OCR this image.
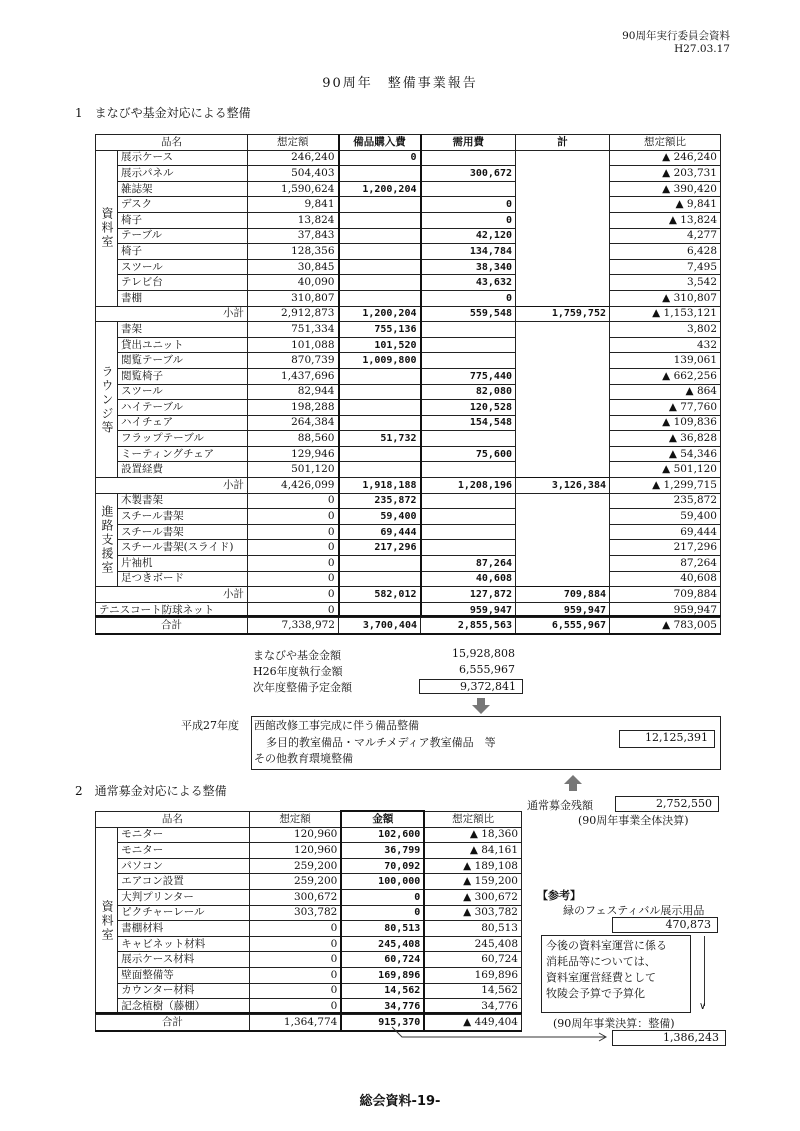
90周年実行委員会資料
H27.03.17
90周年　整備事業報告
1　まなびや基金対応による整備
品名		想定額	備品購入費	需用費	計	想定額比
資料室	展示ケース	246,240	0			▲ 246,240
	展示パネル	504,403		300,672		▲ 203,731
	雑誌架	1,590,624	1,200,204			▲ 390,420
	デスク	9,841		0		▲ 9,841
	椅子	13,824		0		▲ 13,824
	テーブル	37,843		42,120		4,277
	椅子	128,356		134,784		6,428
	スツール	30,845		38,340		7,495
	テレビ台	40,090		43,632		3,542
	書棚	310,807		0		▲ 310,807
小計		2,912,873	1,200,204	559,548	1,759,752	▲ 1,153,121
ラウンジ等	書架	751,334	755,136			3,802
	貸出ユニット	101,088	101,520			432
	閲覧テーブル	870,739	1,009,800			139,061
	閲覧椅子	1,437,696		775,440		▲ 662,256
	スツール	82,944		82,080		▲ 864
	ハイテーブル	198,288		120,528		▲ 77,760
	ハイチェア	264,384		154,548		▲ 109,836
	フラップテーブル	88,560	51,732			▲ 36,828
	ミーティングチェア	129,946		75,600		▲ 54,346
	設置経費	501,120				▲ 501,120
小計		4,426,099	1,918,188	1,208,196	3,126,384	▲ 1,299,715
進路支援室	木製書架	0	235,872			235,872
	スチール書架	0	59,400			59,400
	スチール書架	0	69,444			69,444
	スチール書架(スライド)	0	217,296			217,296
	片袖机	0		87,264		87,264
	足つきボード	0		40,608		40,608
小計		0	582,012	127,872	709,884	709,884
テニスコート防球ネット		0		959,947	959,947	959,947
合計	7,338,972	3,700,404	2,855,563	6,555,967	▲ 783,005
まなびや基金金額	15,928,808
H26年度執行金額	6,555,967
次年度整備予定金額	9,372,841
平成27年度 西館改修工事完成に伴う備品整備
多目的教室備品・マルチメディア教室備品　等
その他教育環境整備
12,125,391
2　通常募金対応による整備
通常募金残額	2,752,550
(90周年事業全体決算)
品名		想定額	金額	想定額比
資料室	モニター	120,960	102,600	▲ 18,360
	モニター	120,960	36,799	▲ 84,161
	パソコン	259,200	70,092	▲ 189,108
	エアコン設置	259,200	100,000	▲ 159,200
	大判プリンター	300,672	0	▲ 300,672
	ピクチャーレール	303,782	0	▲ 303,782
	書棚材料	0	80,513	80,513
	キャビネット材料	0	245,408	245,408
	展示ケース材料	0	60,724	60,724
	壁面整備等	0	169,896	169,896
	カウンター材料	0	14,562	14,562
	記念植樹（藤棚）	0	34,776	34,776
合計	1,364,774	915,370	▲ 449,404
【参考】
緑のフェスティバル展示用品
470,873
今後の資料室運営に係る
消耗品等については、
資料室運営経費として
牧陵会予算で予算化
∨
(90周年事業決算：整備)
1,386,243
総会資料-19-
